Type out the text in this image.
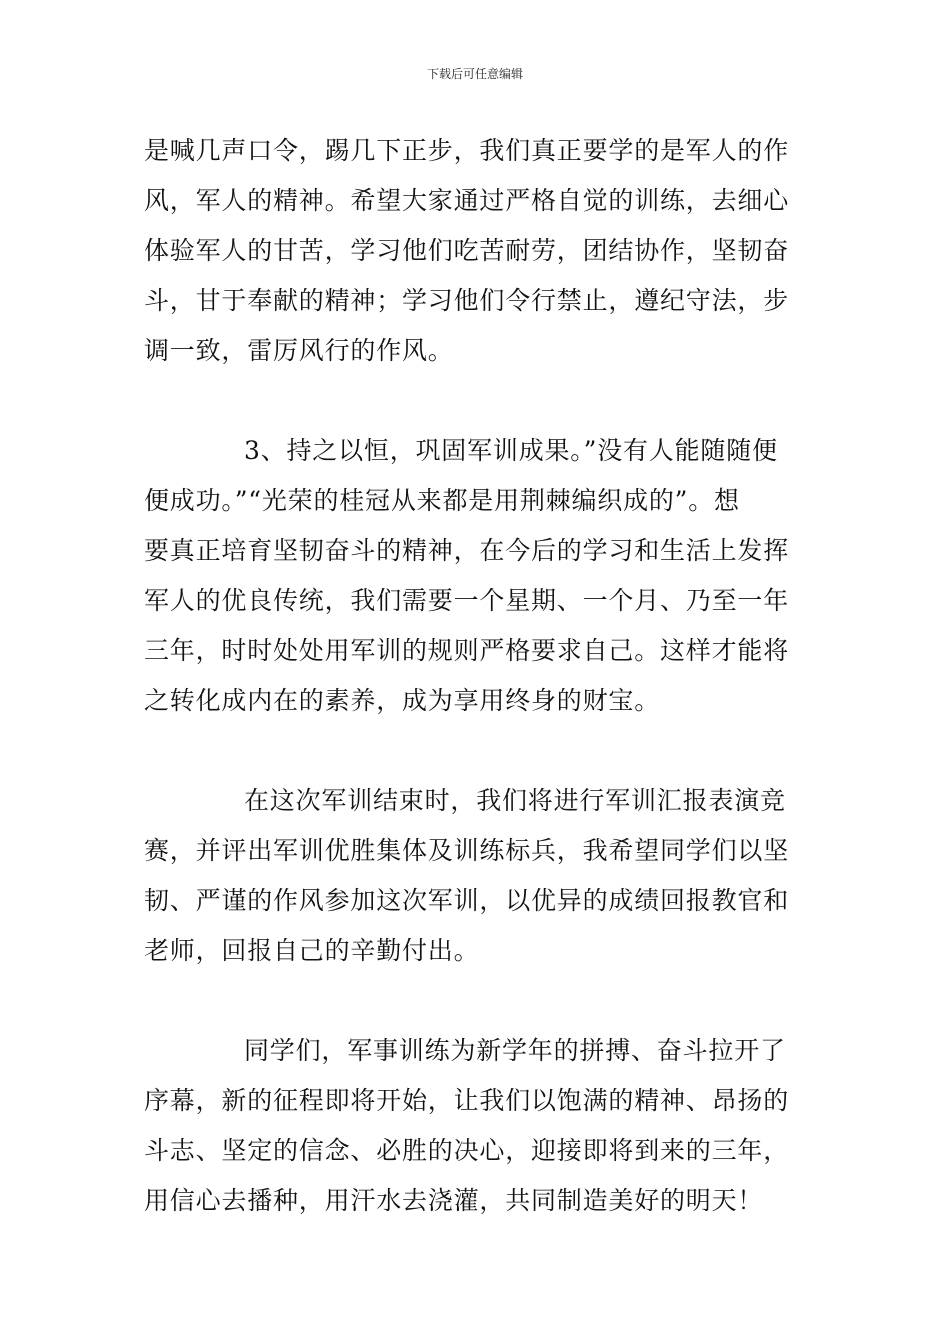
下载后可任意编辑
是喊几声口令，踢几下正步，我们真正要学的是军人的作
风，军人的精神。希望大家通过严格自觉的训练，去细心
体验军人的甘苦，学习他们吃苦耐劳，团结协作，坚韧奋
斗，甘于奉献的精神；学习他们令行禁止，遵纪守法，步
调一致，雷厉风行的作风。
3、持之以恒，巩固军训成果。”没有人能随随便
便成功。”“光荣的桂冠从来都是用荆棘编织成的”。想
要真正培育坚韧奋斗的精神，在今后的学习和生活上发挥
军人的优良传统，我们需要一个星期、一个月、乃至一年
三年，时时处处用军训的规则严格要求自己。这样才能将
之转化成内在的素养，成为享用终身的财宝。
在这次军训结束时，我们将进行军训汇报表演竞
赛，并评出军训优胜集体及训练标兵，我希望同学们以坚
韧、严谨的作风参加这次军训，以优异的成绩回报教官和
老师，回报自己的辛勤付出。
同学们，军事训练为新学年的拼搏、奋斗拉开了
序幕，新的征程即将开始，让我们以饱满的精神、昂扬的
斗志、坚定的信念、必胜的决心，迎接即将到来的三年，
用信心去播种，用汗水去浇灌，共同制造美好的明天！
